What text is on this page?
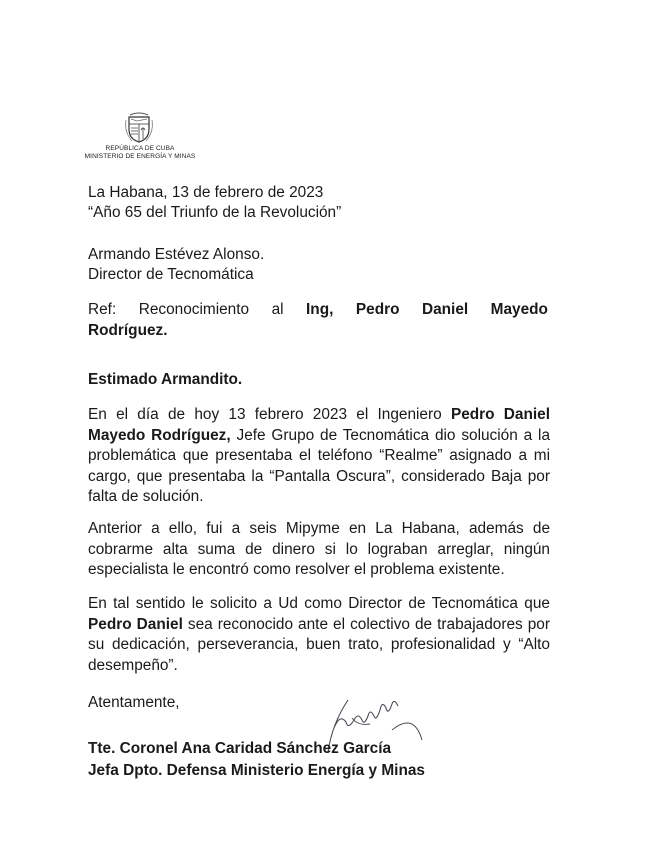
REPÚBLICA DE CUBA
MINISTERIO DE ENERGÍA Y MINAS
La Habana, 13 de febrero de 2023
“Año 65 del Triunfo de la Revolución”
Armando Estévez Alonso.
Director de Tecnomática
Ref: Reconocimiento al Ing, Pedro Daniel Mayedo
Rodríguez.
Estimado Armandito.
En el día de hoy 13 febrero 2023 el Ingeniero Pedro Daniel Mayedo Rodríguez, Jefe Grupo de Tecnomática dio solución a la problemática que presentaba el teléfono “Realme” asignado a mi cargo, que presentaba la “Pantalla Oscura”, considerado Baja por falta de solución.
Anterior a ello, fui a seis Mipyme en La Habana, además de cobrarme alta suma de dinero si lo lograban arreglar, ningún especialista le encontró como resolver el problema existente.
En tal sentido le solicito a Ud como Director de Tecnomática que Pedro Daniel sea reconocido ante el colectivo de trabajadores por su dedicación, perseverancia, buen trato, profesionalidad y “Alto desempeño”.
Atentamente,
Tte. Coronel Ana Caridad Sánchez García
Jefa Dpto. Defensa Ministerio Energía y Minas
